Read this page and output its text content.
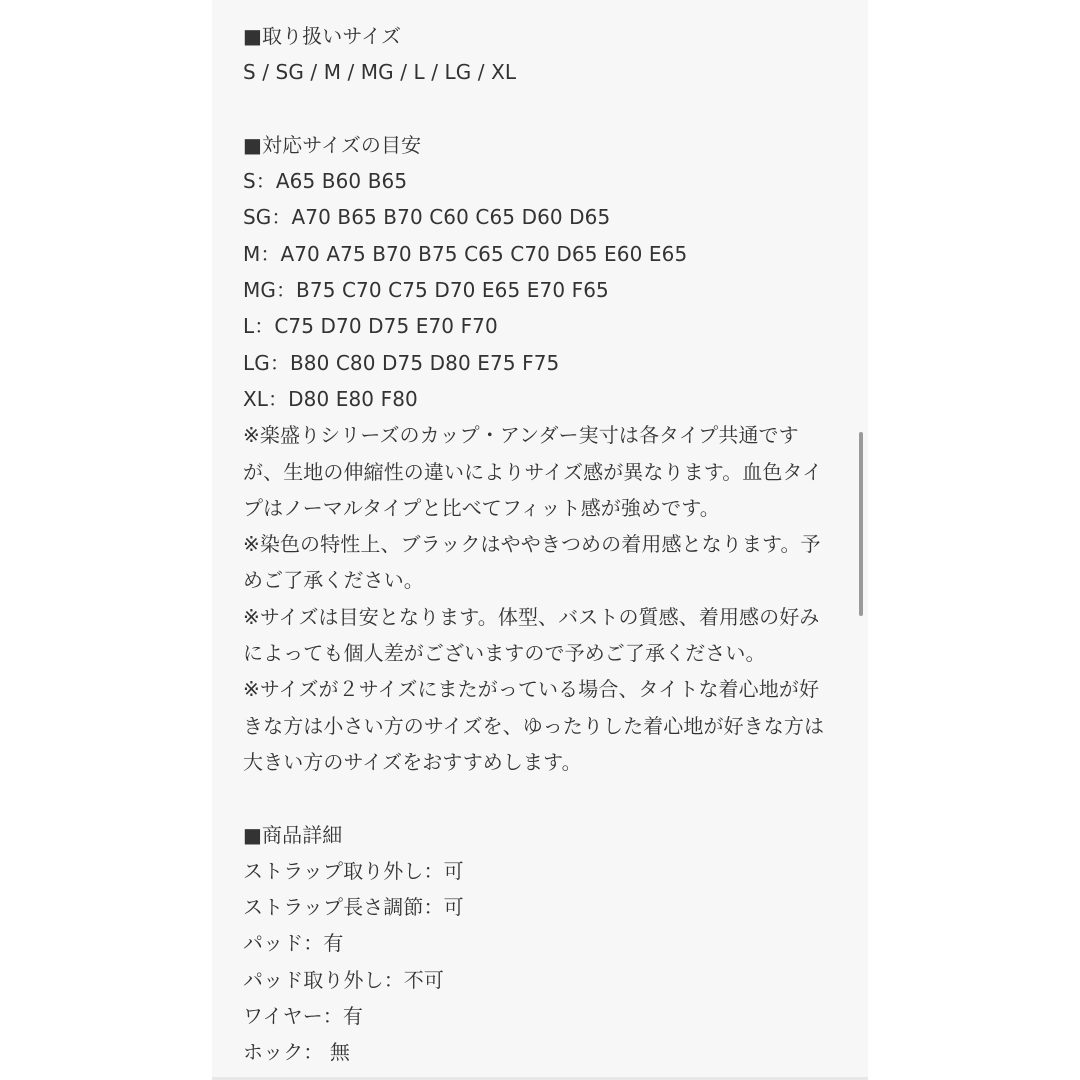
■取り扱いサイズ
S / SG / M / MG / L / LG / XL
■対応サイズの目安
S：A65 B60 B65
SG：A70 B65 B70 C60 C65 D60 D65
M：A70 A75 B70 B75 C65 C70 D65 E60 E65
MG：B75 C70 C75 D70 E65 E70 F65
L：C75 D70 D75 E70 F70
LG：B80 C80 D75 D80 E75 F75
XL：D80 E80 F80
※楽盛りシリーズのカップ・アンダー実寸は各タイプ共通です
が、生地の伸縮性の違いによりサイズ感が異なります。血色タイ
プはノーマルタイプと比べてフィット感が強めです。
※染色の特性上、ブラックはややきつめの着用感となります。予
めご了承ください。
※サイズは目安となります。体型、バストの質感、着用感の好み
によっても個人差がございますので予めご了承ください。
※サイズが２サイズにまたがっている場合、タイトな着心地が好
きな方は小さい方のサイズを、ゆったりした着心地が好きな方は
大きい方のサイズをおすすめします。
■商品詳細
ストラップ取り外し：可
ストラップ長さ調節：可
パッド：有
パッド取り外し：不可
ワイヤー：有
ホック： 無
